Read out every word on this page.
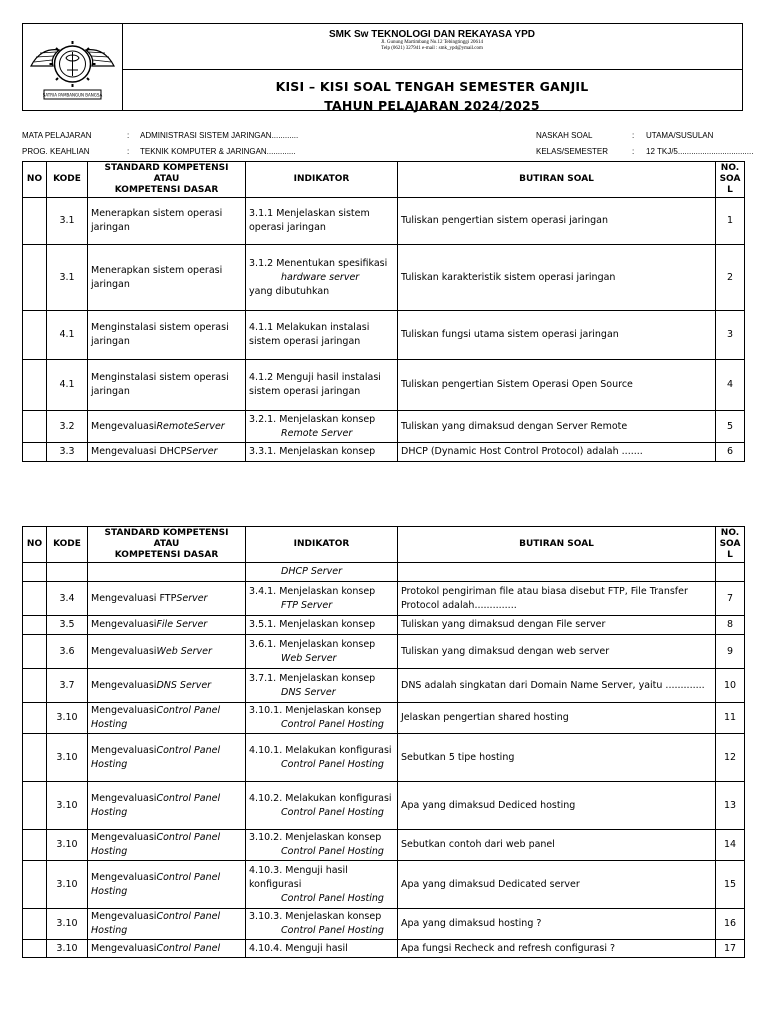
SATRIA PAMBANGUN BANGSA
SMK Sw TEKNOLOGI DAN REKAYASA YPD
Jl. Gunung Martimbang No.12 Tebingtinggi 20614
Telp (0621) 327941 e-mail : smk_ypd@ymail.com
KISI – KISI SOAL TENGAH SEMESTER GANJIL
TAHUN PELAJARAN 2024/2025
MATA PELAJARAN	: ADMINISTRASI SISTEM JARINGAN............
PROG. KEAHLIAN	: TEKNIK KOMPUTER & JARINGAN.............
NASKAH SOAL	: UTAMA/SUSULAN
KELAS/SEMESTER	: 12 TKJ/5..................................
NO	KODE	STANDARD KOMPETENSI
ATAU
KOMPETENSI DASAR	INDIKATOR	BUTIRAN SOAL	NO.
SOA
L
	3.1	Menerapkan sistem operasi jaringan	3.1.1 Menjelaskan sistem operasi jaringan	Tuliskan pengertian sistem operasi jaringan	1
	3.1	Menerapkan sistem operasi jaringan	3.1.2 Menentukan spesifikasi
hardware server
yang dibutuhkan	Tuliskan karakteristik sistem operasi jaringan	2
	4.1	Menginstalasi sistem operasi jaringan	4.1.1 Melakukan instalasi sistem operasi jaringan	Tuliskan fungsi utama sistem operasi jaringan	3
	4.1	Menginstalasi sistem operasi jaringan	4.1.2 Menguji hasil instalasi sistem operasi jaringan	Tuliskan pengertian Sistem Operasi Open Source	4
	3.2	MengevaluasiRemoteServer	3.2.1. Menjelaskan konsep
Remote Server	Tuliskan yang dimaksud dengan Server Remote	5
	3.3	Mengevaluasi DHCPServer	3.3.1. Menjelaskan konsep	DHCP (Dynamic Host Control Protocol) adalah .......	6
NO	KODE	STANDARD KOMPETENSI
ATAU
KOMPETENSI DASAR	INDIKATOR	BUTIRAN SOAL	NO.
SOA
L

			DHCP Server		

	3.4	Mengevaluasi FTPServer	3.4.1. Menjelaskan konsep
FTP Server	Protokol pengiriman file atau biasa disebut FTP, File Transfer Protocol adalah..............	7
	3.5	MengevaluasiFile Server	3.5.1. Menjelaskan konsep	Tuliskan yang dimaksud dengan File server	8
	3.6	MengevaluasiWeb Server	3.6.1. Menjelaskan konsep
Web Server	Tuliskan yang dimaksud dengan web server	9
	3.7	MengevaluasiDNS Server	3.7.1. Menjelaskan konsep
DNS Server	DNS adalah singkatan dari Domain Name Server, yaitu .............	10
	3.10	MengevaluasiControl Panel Hosting	3.10.1. Menjelaskan konsep
Control Panel Hosting	Jelaskan pengertian shared hosting	11
	3.10	MengevaluasiControl Panel Hosting	4.10.1. Melakukan konfigurasi
Control Panel Hosting	Sebutkan 5 tipe hosting	12
	3.10	MengevaluasiControl Panel Hosting	4.10.2. Melakukan konfigurasi
Control Panel Hosting	Apa yang dimaksud Dediced hosting	13
	3.10	MengevaluasiControl Panel Hosting	3.10.2. Menjelaskan konsep
Control Panel Hosting	Sebutkan contoh dari web panel	14
	3.10	MengevaluasiControl Panel Hosting	4.10.3. Menguji hasil konfigurasi
Control Panel Hosting	Apa yang dimaksud Dedicated server	15
	3.10	MengevaluasiControl Panel Hosting	3.10.3. Menjelaskan konsep
Control Panel Hosting	Apa yang dimaksud hosting ?	16
	3.10	MengevaluasiControl Panel	4.10.4. Menguji hasil	Apa fungsi Recheck and refresh configurasi ?	17
